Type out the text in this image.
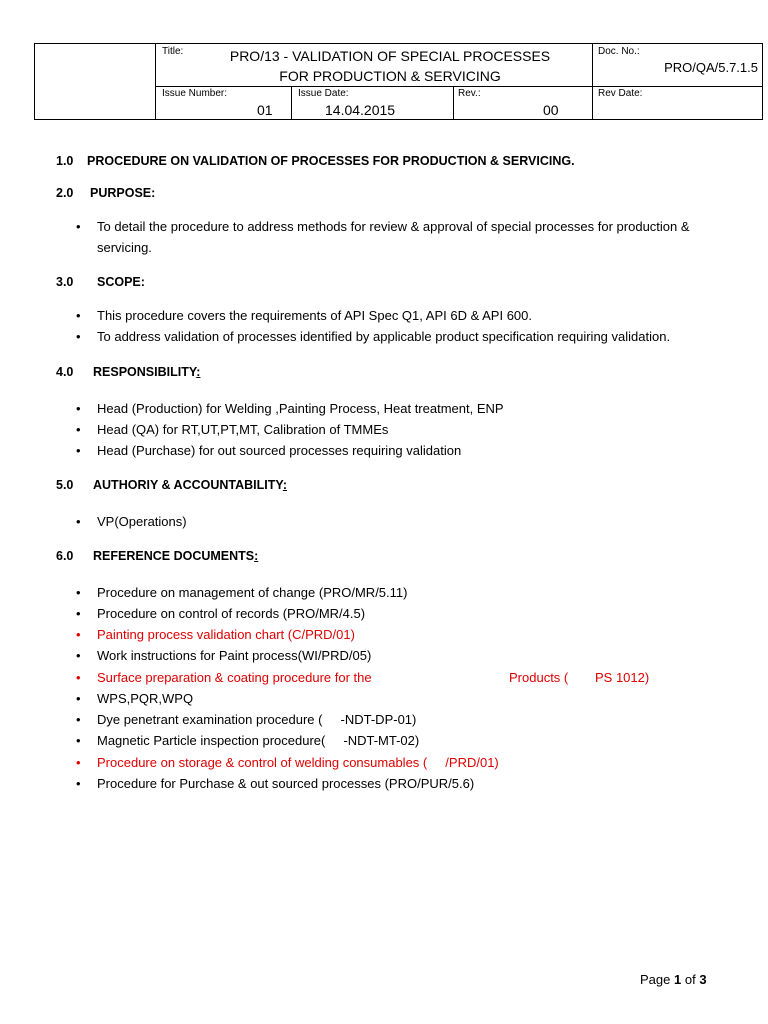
Title:	PRO/13 - VALIDATION OF SPECIAL PROCESSES
FOR PRODUCTION & SERVICING
Doc. No.:
PRO/QA/5.7.1.5
Issue Number:
01
Issue Date:
14.04.2015
Rev.:
00
Rev Date:
1.0 PROCEDURE ON VALIDATION OF PROCESSES FOR PRODUCTION & SERVICING.
2.0 PURPOSE:
• To detail the procedure to address methods for review & approval of special processes for production & servicing.
3.0 SCOPE:
• This procedure covers the requirements of API Spec Q1, API 6D & API 600.
• To address validation of processes identified by applicable product specification requiring validation.
4.0 RESPONSIBILITY:
• Head (Production) for Welding ,Painting Process, Heat treatment, ENP
• Head (QA) for RT,UT,PT,MT, Calibration of TMMEs
• Head (Purchase) for out sourced processes requiring validation
5.0 AUTHORIY & ACCOUNTABILITY:
• VP(Operations)
6.0 REFERENCE DOCUMENTS:
• Procedure on management of change (PRO/MR/5.11)
• Procedure on control of records (PRO/MR/4.5)
• Painting process validation chart (C/PRD/01)
• Work instructions for Paint process(WI/PRD/05)
• Surface preparation & coating procedure for the	Products ( PS 1012)
• WPS,PQR,WPQ
• Dye penetrant examination procedure (     -NDT-DP-01)
• Magnetic Particle inspection procedure(     -NDT-MT-02)
• Procedure on storage & control of welding consumables (     /PRD/01)
• Procedure for Purchase & out sourced processes (PRO/PUR/5.6)
Page 1 of 3
